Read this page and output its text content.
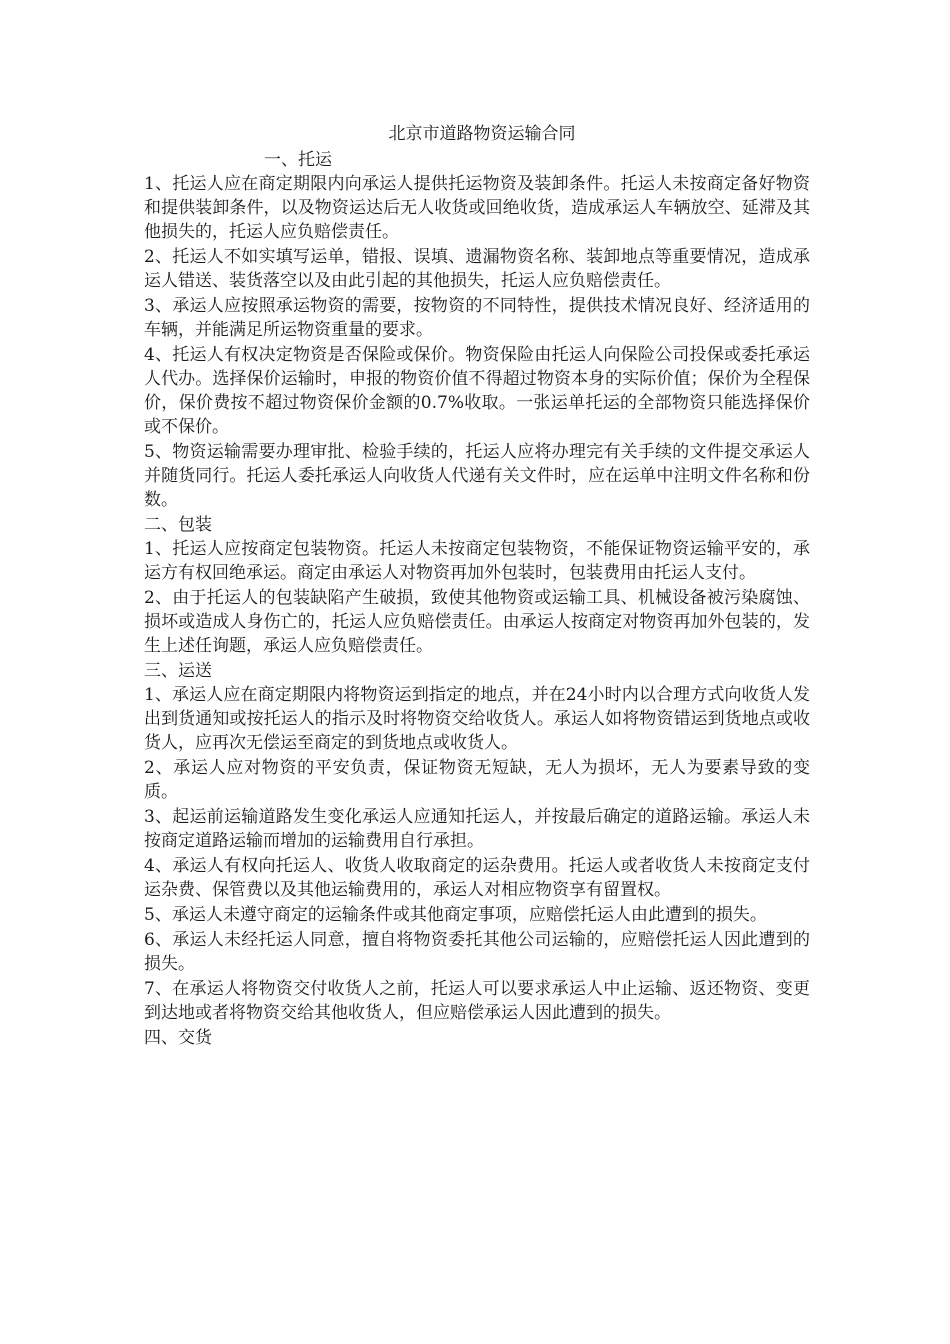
北京市道路物资运输合同

一、托运

1、托运人应在商定期限内向承运人提供托运物资及装卸条件。托运人未按商定备好物资和提供装卸条件，以及物资运达后无人收货或回绝收货，造成承运人车辆放空、延滞及其他损失的，托运人应负赔偿责任。

2、托运人不如实填写运单，错报、误填、遗漏物资名称、装卸地点等重要情况，造成承运人错送、装货落空以及由此引起的其他损失，托运人应负赔偿责任。

3、承运人应按照承运物资的需要，按物资的不同特性，提供技术情况良好、经济适用的车辆，并能满足所运物资重量的要求。

4、托运人有权决定物资是否保险或保价。物资保险由托运人向保险公司投保或委托承运人代办。选择保价运输时，申报的物资价值不得超过物资本身的实际价值；保价为全程保价，保价费按不超过物资保价金额的0.7%收取。一张运单托运的全部物资只能选择保价或不保价。

5、物资运输需要办理审批、检验手续的，托运人应将办理完有关手续的文件提交承运人并随货同行。托运人委托承运人向收货人代递有关文件时，应在运单中注明文件名称和份数。

二、包装

1、托运人应按商定包装物资。托运人未按商定包装物资，不能保证物资运输平安的，承运方有权回绝承运。商定由承运人对物资再加外包装时，包装费用由托运人支付。

2、由于托运人的包装缺陷产生破损，致使其他物资或运输工具、机械设备被污染腐蚀、损坏或造成人身伤亡的，托运人应负赔偿责任。由承运人按商定对物资再加外包装的，发生上述任询题，承运人应负赔偿责任。

三、运送

1、承运人应在商定期限内将物资运到指定的地点，并在24小时内以合理方式向收货人发出到货通知或按托运人的指示及时将物资交给收货人。承运人如将物资错运到货地点或收货人，应再次无偿运至商定的到货地点或收货人。

2、承运人应对物资的平安负责，保证物资无短缺，无人为损坏，无人为要素导致的变质。

3、起运前运输道路发生变化承运人应通知托运人，并按最后确定的道路运输。承运人未按商定道路运输而增加的运输费用自行承担。

4、承运人有权向托运人、收货人收取商定的运杂费用。托运人或者收货人未按商定支付运杂费、保管费以及其他运输费用的，承运人对相应物资享有留置权。

5、承运人未遵守商定的运输条件或其他商定事项，应赔偿托运人由此遭到的损失。

6、承运人未经托运人同意，擅自将物资委托其他公司运输的，应赔偿托运人因此遭到的损失。

7、在承运人将物资交付收货人之前，托运人可以要求承运人中止运输、返还物资、变更到达地或者将物资交给其他收货人，但应赔偿承运人因此遭到的损失。

四、交货
